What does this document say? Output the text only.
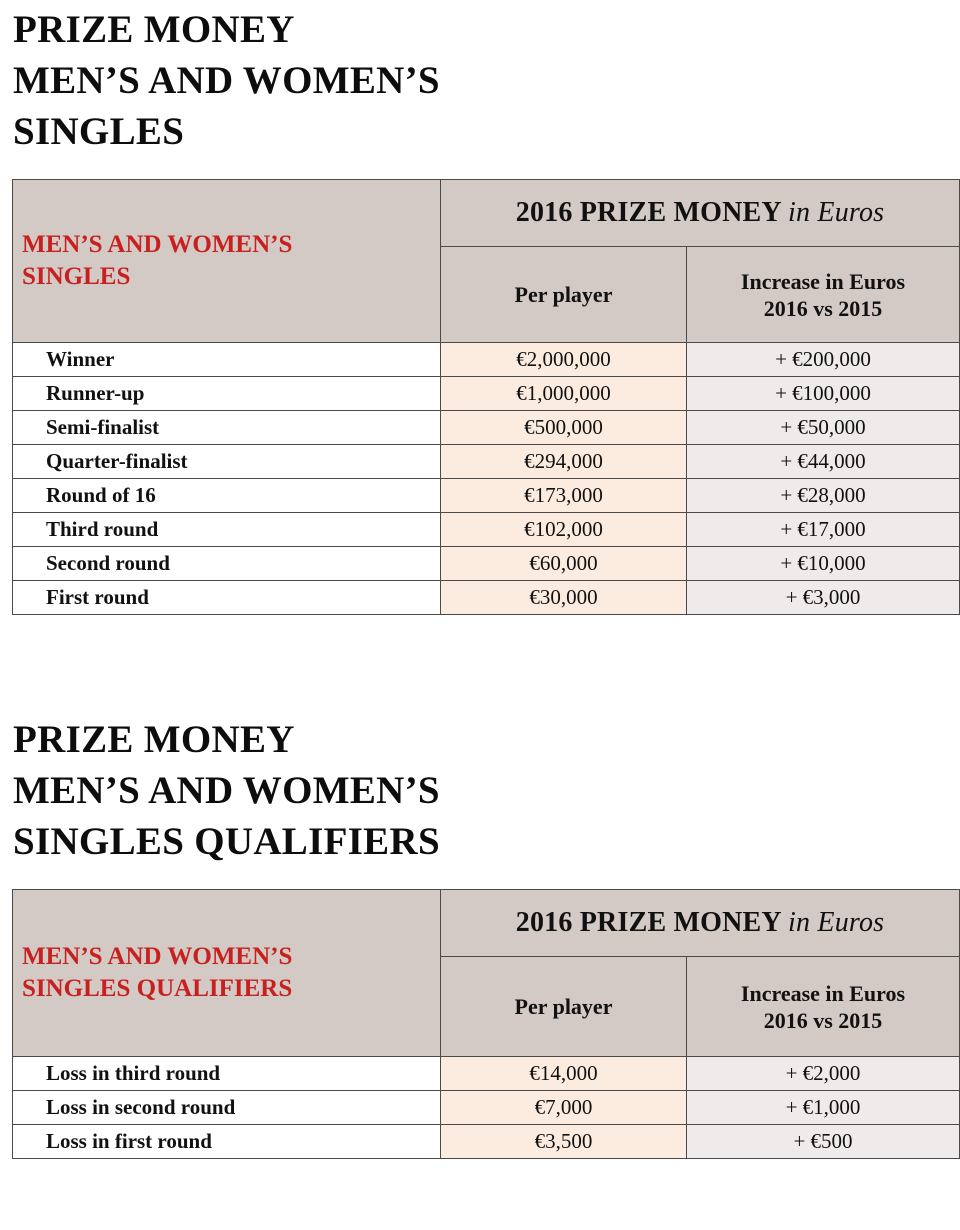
PRIZE MONEY
MEN’S AND WOMEN’S
SINGLES
MEN’S AND WOMEN’S
SINGLES	2016 PRIZE MONEY in Euros	

	Per player	Increase in Euros
2016 vs 2015

Winner	€2,000,000	+ €200,000
Runner-up	€1,000,000	+ €100,000
Semi-finalist	€500,000	+ €50,000
Quarter-finalist	€294,000	+ €44,000
Round of 16	€173,000	+ €28,000
Third round	€102,000	+ €17,000
Second round	€60,000	+ €10,000
First round	€30,000	+ €3,000
PRIZE MONEY
MEN’S AND WOMEN’S
SINGLES QUALIFIERS
MEN’S AND WOMEN’S
SINGLES QUALIFIERS	2016 PRIZE MONEY in Euros	

	Per player	Increase in Euros
2016 vs 2015

Loss in third round	€14,000	+ €2,000
Loss in second round	€7,000	+ €1,000
Loss in first round	€3,500	+ €500
